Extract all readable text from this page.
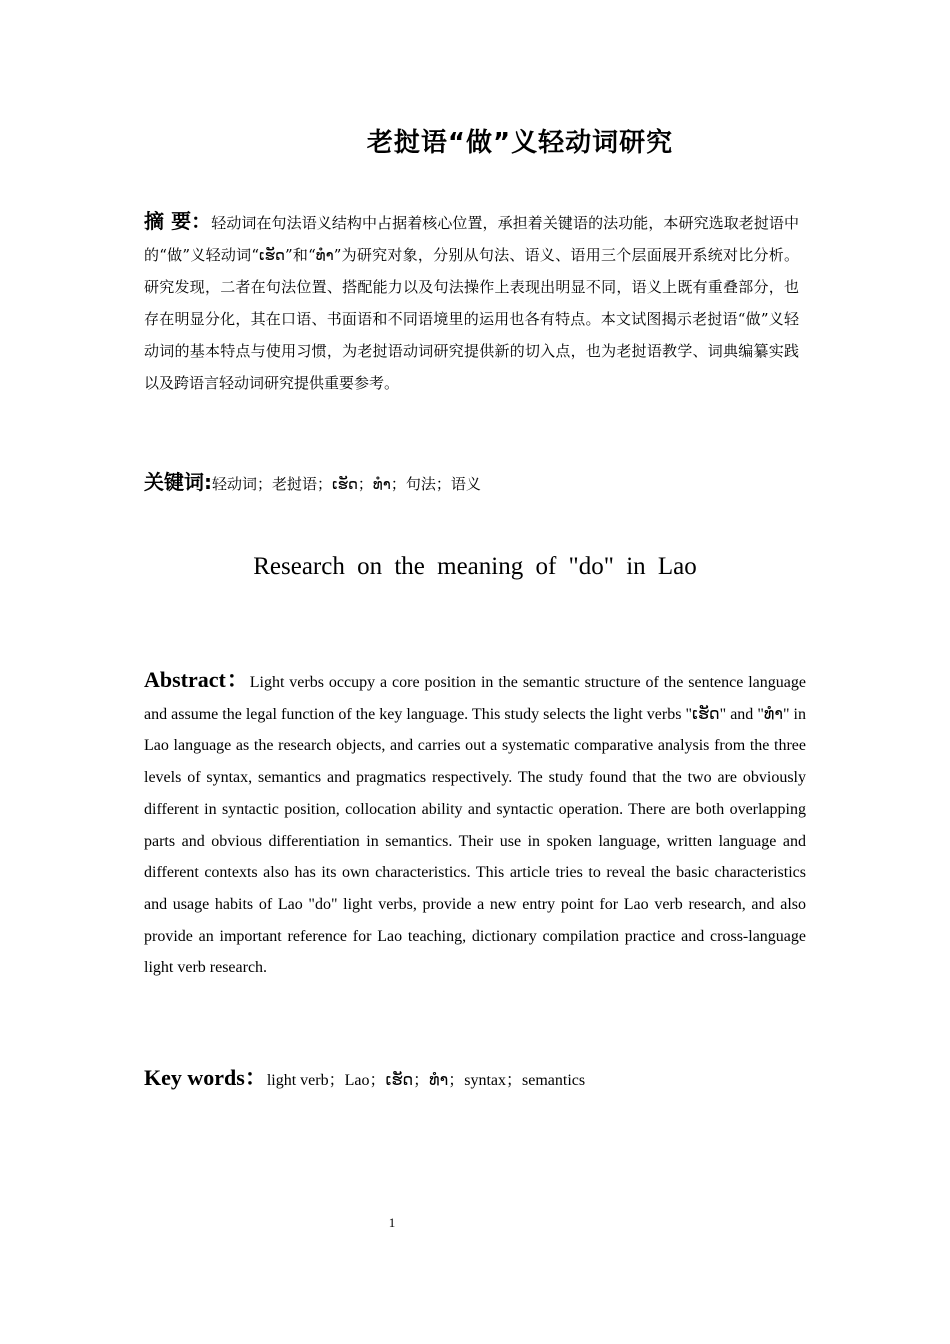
老挝语“做”义轻动词研究
摘 要：轻动词在句法语义结构中占据着核心位置，承担着关键语的法功能，本研究选取老挝语中的“做”义轻动词“ເຮັດ”和“ທຳ”为研究对象，分别从句法、语义、语用三个层面展开系统对比分析。研究发现，二者在句法位置、搭配能力以及句法操作上表现出明显不同，语义上既有重叠部分，也存在明显分化，其在口语、书面语和不同语境里的运用也各有特点。本文试图揭示老挝语“做”义轻动词的基本特点与使用习惯，为老挝语动词研究提供新的切入点，也为老挝语教学、词典编纂实践以及跨语言轻动词研究提供重要参考。
关键词:轻动词；老挝语；ເຮັດ；ທຳ；句法；语义
Research on the meaning of "do" in Lao
Abstract：Light verbs occupy a core position in the semantic structure of the sentence language and assume the legal function of the key language. This study selects the light verbs "ເຮັດ" and "ທຳ" in Lao language as the research objects, and carries out a systematic comparative analysis from the three levels of syntax, semantics and pragmatics respectively. The study found that the two are obviously different in syntactic position, collocation ability and syntactic operation. There are both overlapping parts and obvious differentiation in semantics. Their use in spoken language, written language and different contexts also has its own characteristics. This article tries to reveal the basic characteristics and usage habits of Lao "do" light verbs, provide a new entry point for Lao verb research, and also provide an important reference for Lao teaching, dictionary compilation practice and cross-language light verb research.
Key words：light verb；Lao；ເຮັດ；ທຳ；syntax；semantics
1
